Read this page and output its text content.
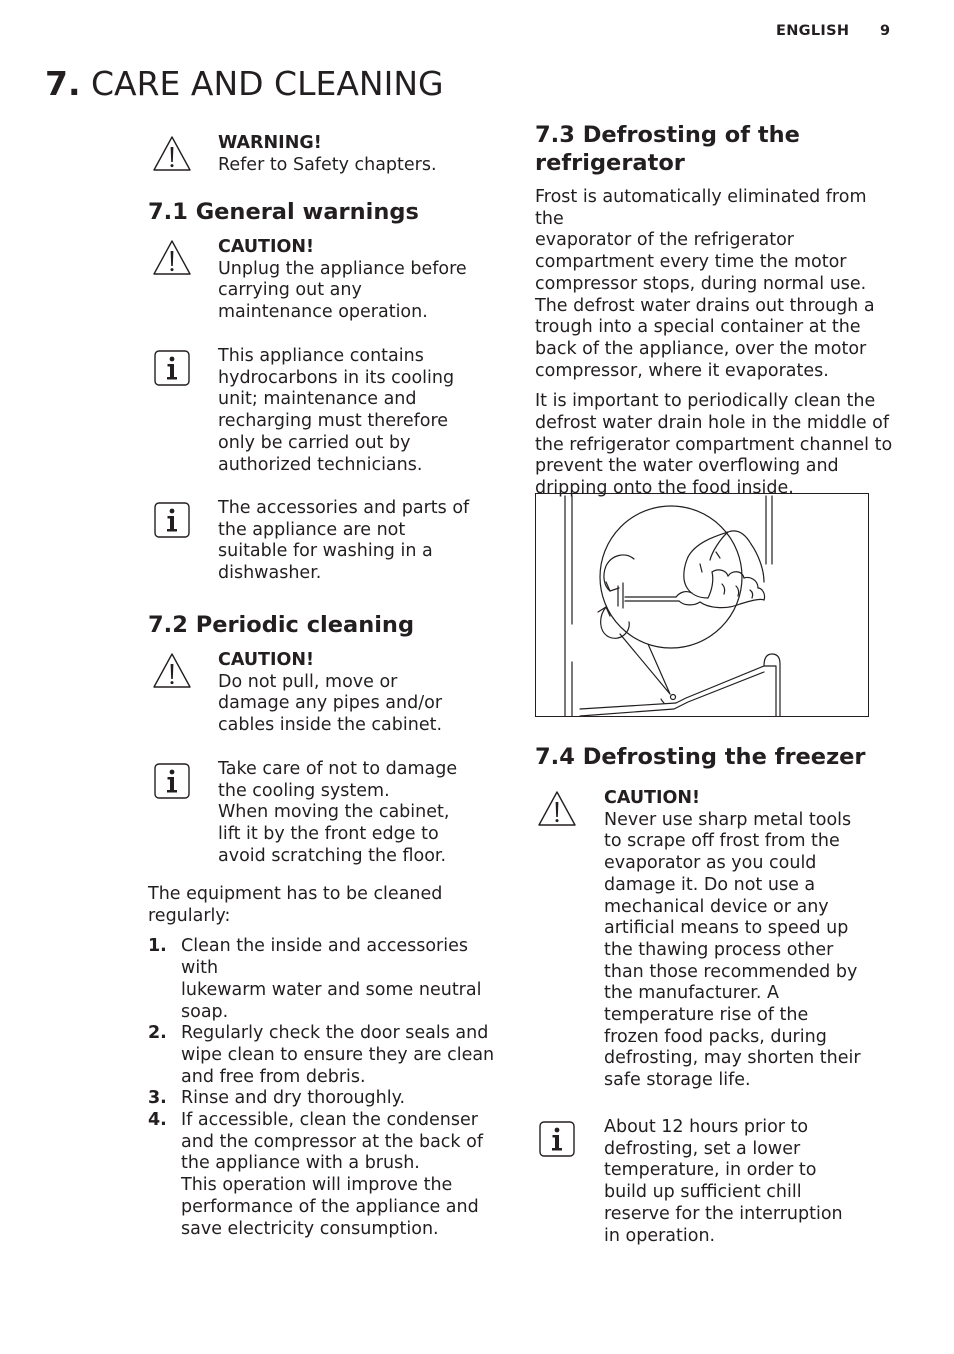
ENGLISH 9
7. CARE AND CLEANING
WARNING!
Refer to Safety chapters.
7.1 General warnings
CAUTION!
Unplug the appliance before
carrying out any
maintenance operation.
This appliance contains
hydrocarbons in its cooling
unit; maintenance and
recharging must therefore
only be carried out by
authorized technicians.
The accessories and parts of
the appliance are not
suitable for washing in a
dishwasher.
7.2 Periodic cleaning
CAUTION!
Do not pull, move or
damage any pipes and/or
cables inside the cabinet.
Take care of not to damage
the cooling system.
When moving the cabinet,
lift it by the front edge to
avoid scratching the floor.

The equipment has to be cleaned
regularly:

1. Clean the inside and accessories with
lukewarm water and some neutral
soap.
2. Regularly check the door seals and
wipe clean to ensure they are clean
and free from debris.
3. Rinse and dry thoroughly.
4. If accessible, clean the condenser
and the compressor at the back of
the appliance with a brush.
This operation will improve the
performance of the appliance and
save electricity consumption.
7.3 Defrosting of the
refrigerator

Frost is automatically eliminated from the
evaporator of the refrigerator
compartment every time the motor
compressor stops, during normal use.
The defrost water drains out through a
trough into a special container at the
back of the appliance, over the motor
compressor, where it evaporates.

It is important to periodically clean the
defrost water drain hole in the middle of
the refrigerator compartment channel to
prevent the water overflowing and
dripping onto the food inside.

7.4 Defrosting the freezer
CAUTION!
Never use sharp metal tools
to scrape off frost from the
evaporator as you could
damage it. Do not use a
mechanical device or any
artificial means to speed up
the thawing process other
than those recommended by
the manufacturer. A
temperature rise of the
frozen food packs, during
defrosting, may shorten their
safe storage life.
About 12 hours prior to
defrosting, set a lower
temperature, in order to
build up sufficient chill
reserve for the interruption
in operation.
